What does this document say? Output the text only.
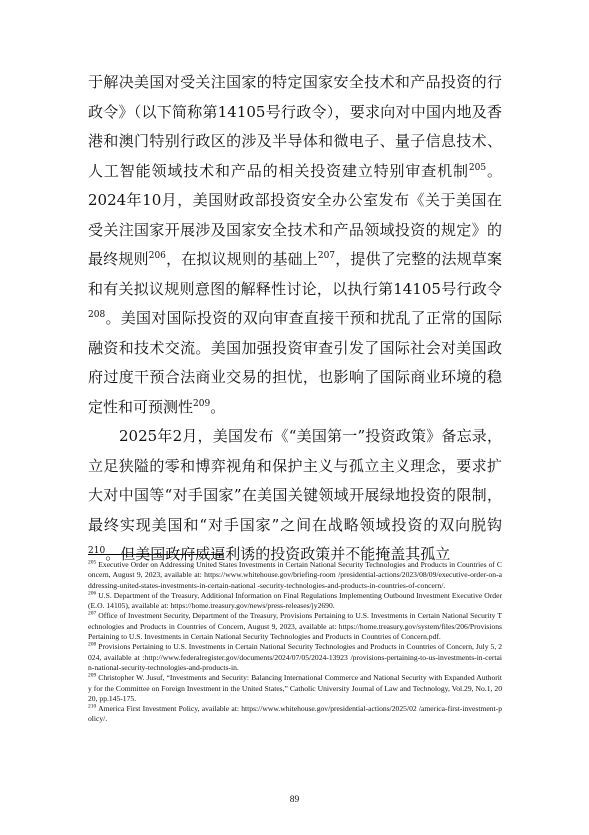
于解决美国对受关注国家的特定国家安全技术和产品投资的行政令》（以下简称第14105号行政令），要求向对中国内地及香港和澳门特别行政区的涉及半导体和微电子、量子信息技术、人工智能领域技术和产品的相关投资建立特别审查机制$^{205}$。2024年10月，美国财政部投资安全办公室发布《关于美国在受关注国家开展涉及国家安全技术和产品领域投资的规定》的最终规则$^{206}$，在拟议规则的基础上$^{207}$，提供了完整的法规草案和有关拟议规则意图的解释性讨论，以执行第14105号行政令$^{208}$。美国对国际投资的双向审查直接干预和扰乱了正常的国际融资和技术交流。美国加强投资审查引发了国际社会对美国政府过度干预合法商业交易的担忧，也影响了国际商业环境的稳定性和可预测性$^{209}$。

2025年2月，美国发布《“美国第一”投资政策》备忘录，立足狭隘的零和博弈视角和保护主义与孤立主义理念，要求扩大对中国等“对手国家”在美国关键领域开展绿地投资的限制，最终实现美国和“对手国家”之间在战略领域投资的双向脱钩$^{210}$。但美国政府威逼利诱的投资政策并不能掩盖其孤立

$^{205}$ Executive Order on Addressing United States Investments in Certain National Security Technologies and Products in Countries of Concern, August 9, 2023, available at: https://www.whitehouse.gov/briefing-room /presidential-actions/2023/08/09/executive-order-on-addressing-united-states-investments-in-certain-national -security-technologies-and-products-in-countries-of-concern/.

$^{206}$ U.S. Department of the Treasury, Additional Information on Final Regulations Implementing Outbound Investment Executive Order (E.O. 14105), available at: https://home.treasury.gov/news/press-releases/jy2690.

$^{207}$ Office of Investment Security, Department of the Treasury, Provisions Pertaining to U.S. Investments in Certain National Security Technologies and Products in Countries of Concern, August 9, 2023, available at: https://home.treasury.gov/system/files/206/Provisions Pertaining to U.S. Investments in Certain National Security Technologies and Products in Countries of Concern.pdf.

$^{208}$ Provisions Pertaining to U.S. Investments in Certain National Security Technologies and Products in Countries of Concern, July 5, 2024, available at :http://www.federalregister.gov/documents/2024/07/05/2024-13923 /provisions-pertaining-to-us-investments-in-certain-national-security-technologies-and-products-in.

$^{209}$ Christopher W. Jusuf, “Investments and Security: Balancing International Commerce and National Security with Expanded Authority for the Committee on Foreign Investment in the United States,” Catholic University Journal of Law and Technology, Vol.29, No.1, 2020, pp.145-175.

$^{210}$ America First Investment Policy, available at: https://www.whitehouse.gov/presidential-actions/2025/02 /america-first-investment-policy/.

89
